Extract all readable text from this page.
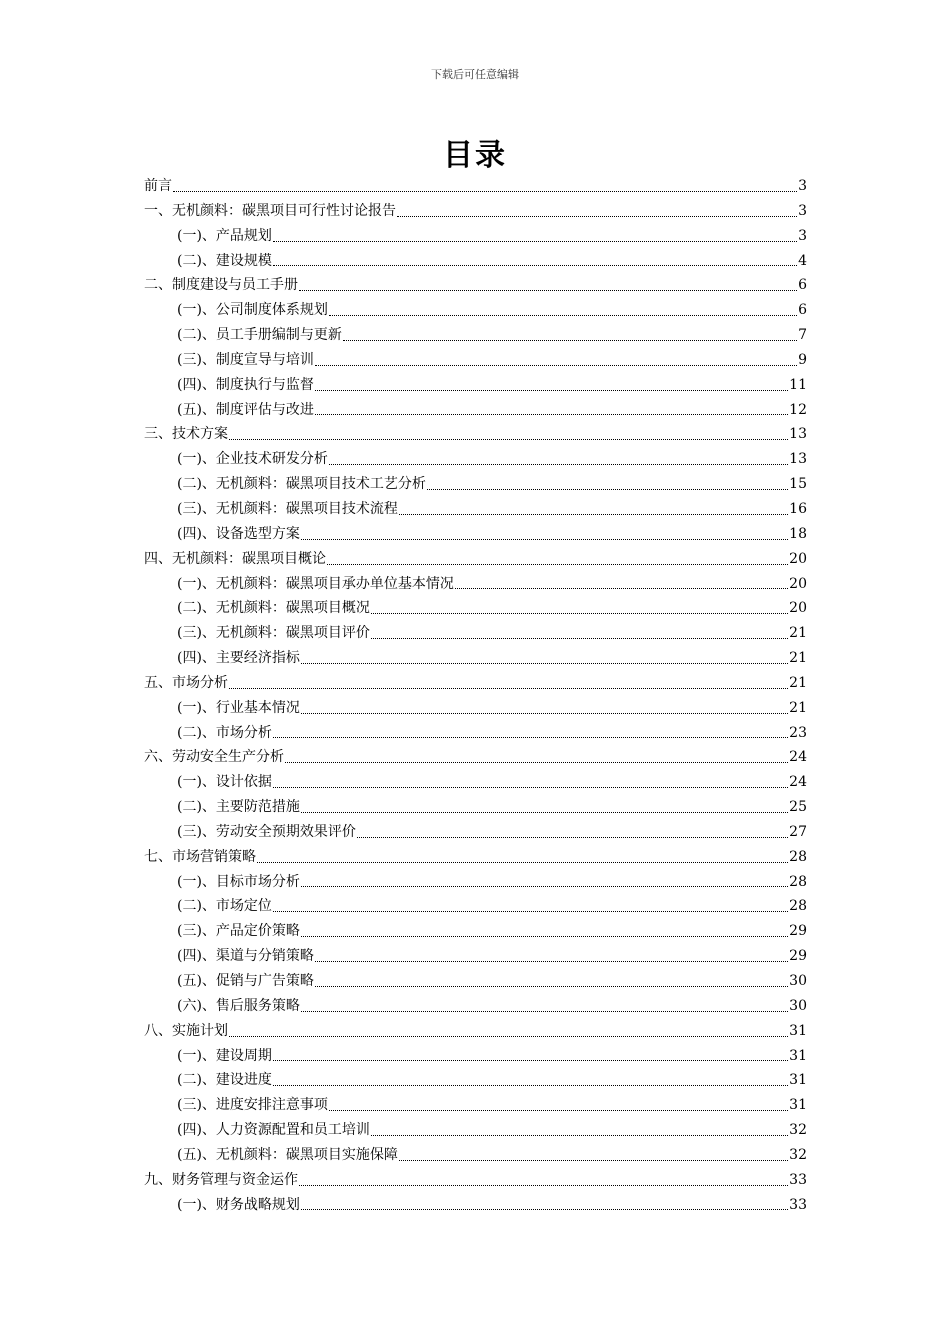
下载后可任意编辑
目录
前言	3
一、无机颜料：碳黑项目可行性讨论报告	3
(一)、产品规划	3
(二)、建设规模	4
二、制度建设与员工手册	6
(一)、公司制度体系规划	6
(二)、员工手册编制与更新	7
(三)、制度宣导与培训	9
(四)、制度执行与监督	11
(五)、制度评估与改进	12
三、技术方案	13
(一)、企业技术研发分析	13
(二)、无机颜料：碳黑项目技术工艺分析	15
(三)、无机颜料：碳黑项目技术流程	16
(四)、设备选型方案	18
四、无机颜料：碳黑项目概论	20
(一)、无机颜料：碳黑项目承办单位基本情况	20
(二)、无机颜料：碳黑项目概况	20
(三)、无机颜料：碳黑项目评价	21
(四)、主要经济指标	21
五、市场分析	21
(一)、行业基本情况	21
(二)、市场分析	23
六、劳动安全生产分析	24
(一)、设计依据	24
(二)、主要防范措施	25
(三)、劳动安全预期效果评价	27
七、市场营销策略	28
(一)、目标市场分析	28
(二)、市场定位	28
(三)、产品定价策略	29
(四)、渠道与分销策略	29
(五)、促销与广告策略	30
(六)、售后服务策略	30
八、实施计划	31
(一)、建设周期	31
(二)、建设进度	31
(三)、进度安排注意事项	31
(四)、人力资源配置和员工培训	32
(五)、无机颜料：碳黑项目实施保障	32
九、财务管理与资金运作	33
(一)、财务战略规划	33
